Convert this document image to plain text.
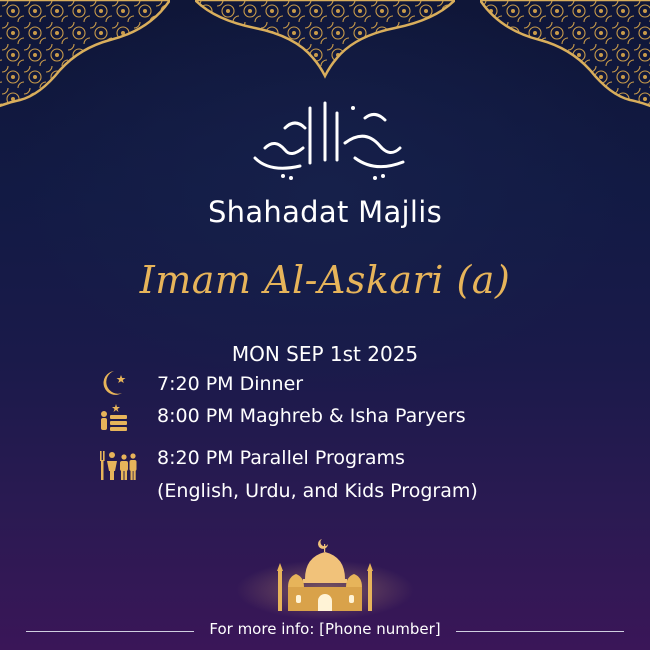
Shahadat Majlis
Imam Al-Askari (a)
MON SEP 1st 2025
7:20 PM Dinner
8:00 PM Maghreb & Isha Paryers
8:20 PM Parallel Programs
(English, Urdu, and Kids Program)
For more info: [Phone number]
